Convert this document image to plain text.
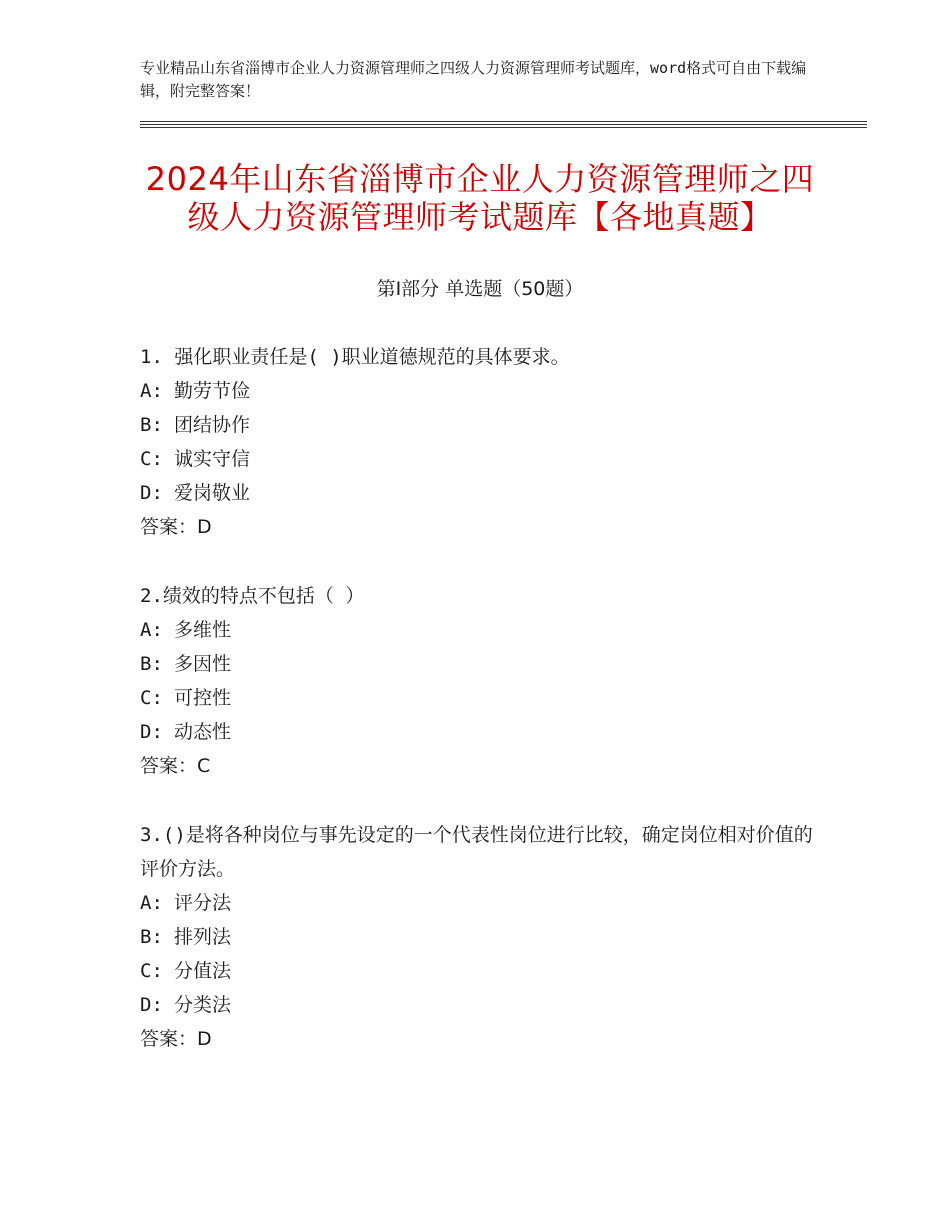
专业精品山东省淄博市企业人力资源管理师之四级人力资源管理师考试题库，word格式可自由下载编辑，附完整答案！
2024年山东省淄博市企业人力资源管理师之四级人力资源管理师考试题库【各地真题】
第Ⅰ部分 单选题（50题）
1. 强化职业责任是( )职业道德规范的具体要求。
A: 勤劳节俭
B: 团结协作
C: 诚实守信
D: 爱岗敬业
答案：D
2.绩效的特点不包括（ ）
A: 多维性
B: 多因性
C: 可控性
D: 动态性
答案：C
3.()是将各种岗位与事先设定的一个代表性岗位进行比较，确定岗位相对价值的评价方法。
A: 评分法
B: 排列法
C: 分值法
D: 分类法
答案：D
